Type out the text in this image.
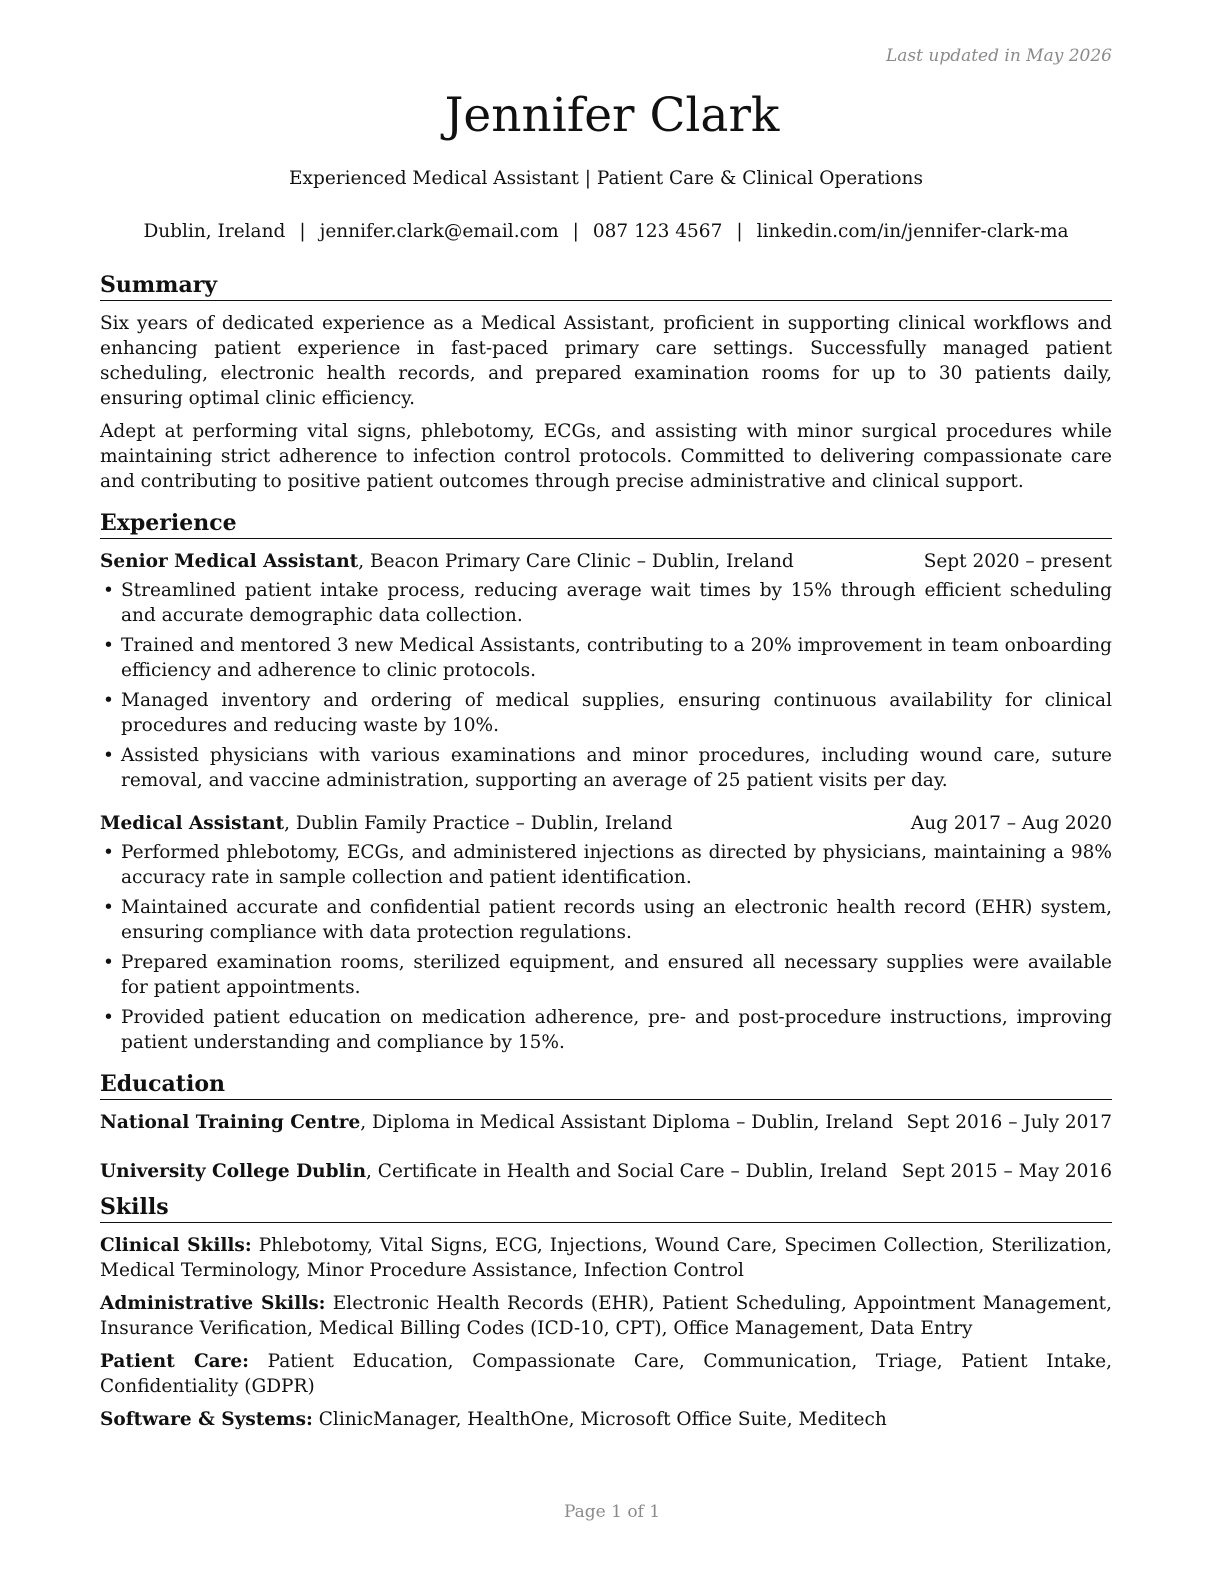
Last updated in May 2026
Jennifer Clark
Experienced Medical Assistant | Patient Care & Clinical Operations
Dublin, Ireland | jennifer.clark@email.com | 087 123 4567 | linkedin.com/in/jennifer-clark-ma
Summary

Six years of dedicated experience as a Medical Assistant, proficient in supporting clinical workflows and enhancing patient experience in fast-paced primary care settings. Successfully managed patient scheduling, electronic health records, and prepared examination rooms for up to 30 patients daily, ensuring optimal clinic efficiency.

Adept at performing vital signs, phlebotomy, ECGs, and assisting with minor surgical procedures while maintaining strict adherence to infection control protocols. Committed to delivering compassionate care and contributing to positive patient outcomes through precise administrative and clinical support.

Experience
Senior Medical Assistant, Beacon Primary Care Clinic – Dublin, Ireland	Sept 2020 – present
• Streamlined patient intake process, reducing average wait times by 15% through efficient scheduling and accurate demographic data collection.
• Trained and mentored 3 new Medical Assistants, contributing to a 20% improvement in team onboarding efficiency and adherence to clinic protocols.
• Managed inventory and ordering of medical supplies, ensuring continuous availability for clinical procedures and reducing waste by 10%.
• Assisted physicians with various examinations and minor procedures, including wound care, suture removal, and vaccine administration, supporting an average of 25 patient visits per day.
Medical Assistant, Dublin Family Practice – Dublin, Ireland	Aug 2017 – Aug 2020
• Performed phlebotomy, ECGs, and administered injections as directed by physicians, maintaining a 98% accuracy rate in sample collection and patient identification.
• Maintained accurate and confidential patient records using an electronic health record (EHR) system, ensuring compliance with data protection regulations.
• Prepared examination rooms, sterilized equipment, and ensured all necessary supplies were available for patient appointments.
• Provided patient education on medication adherence, pre- and post-procedure instructions, improving patient understanding and compliance by 15%.
Education
National Training Centre, Diploma in Medical Assistant Diploma – Dublin, Ireland Sept 2016 – July 2017
University College Dublin, Certificate in Health and Social Care – Dublin, Ireland Sept 2015 – May 2016
Skills

Clinical Skills: Phlebotomy, Vital Signs, ECG, Injections, Wound Care, Specimen Collection, Sterilization, Medical Terminology, Minor Procedure Assistance, Infection Control

Administrative Skills: Electronic Health Records (EHR), Patient Scheduling, Appointment Management, Insurance Verification, Medical Billing Codes (ICD-10, CPT), Office Management, Data Entry

Patient Care: Patient Education, Compassionate Care, Communication, Triage, Patient Intake, Confidentiality (GDPR)

Software & Systems: ClinicManager, HealthOne, Microsoft Office Suite, Meditech

Page 1 of 1
